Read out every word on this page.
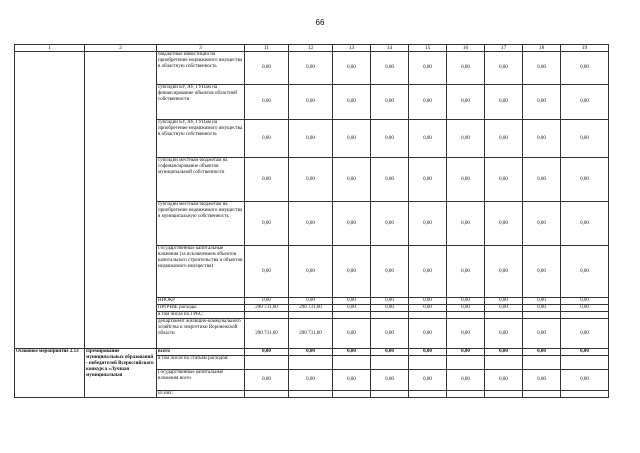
66
1	2	3	11	12	13	14	15	16	17	18	19
		бюджетные инвестиции на приобретение недвижимого имущества в областную собственность	0,00	0,00	0,00	0,00	0,00	0,00	0,00	0,00	0,00
		субсидии БУ, АУ, ГУПам на финансирование объектов областной собственности	0,00	0,00	0,00	0,00	0,00	0,00	0,00	0,00	0,00
		субсидии БУ, АУ, ГУПам на приобретение недвижимого имущества в областную собственность	0,00	0,00	0,00	0,00	0,00	0,00	0,00	0,00	0,00
		субсидии местным бюджетам на софинансирование объектов муниципальной собственности	0,00	0,00	0,00	0,00	0,00	0,00	0,00	0,00	0,00
		субсидии местным бюджетам на приобретение недвижимого имущества в муниципальную собственность	0,00	0,00	0,00	0,00	0,00	0,00	0,00	0,00	0,00
		Государственные капитальные вложения (за исключением объектов капитального строительства и объектов недвижимого имущества)	0,00	0,00	0,00	0,00	0,00	0,00	0,00	0,00	0,00
		НИОКР	0,00	0,00	0,00	0,00	0,00	0,00	0,00	0,00	0,00
		ПРОЧИЕ расходы	290 731,60	290 731,60	0,00	0,00	0,00	0,00	0,00	0,00	0,00
		в том числе по ГРБС:									
		департамент жилищно-коммунального хозяйства и энергетики Воронежской области	290 731,60	290 731,60	0,00	0,00	0,00	0,00	0,00	0,00	0,00
Основное мероприятие 2.13	Премирование муниципальных образований - победителей Всероссийского конкурса «Лучшая муниципальная	всего	0,00	0,00	0,00	0,00	0,00	0,00	0,00	0,00	0,00
		в том числе по статьям расходов:									
		Государственные капитальные вложения всего	0,00	0,00	0,00	0,00	0,00	0,00	0,00	0,00	0,00
		из них:									
